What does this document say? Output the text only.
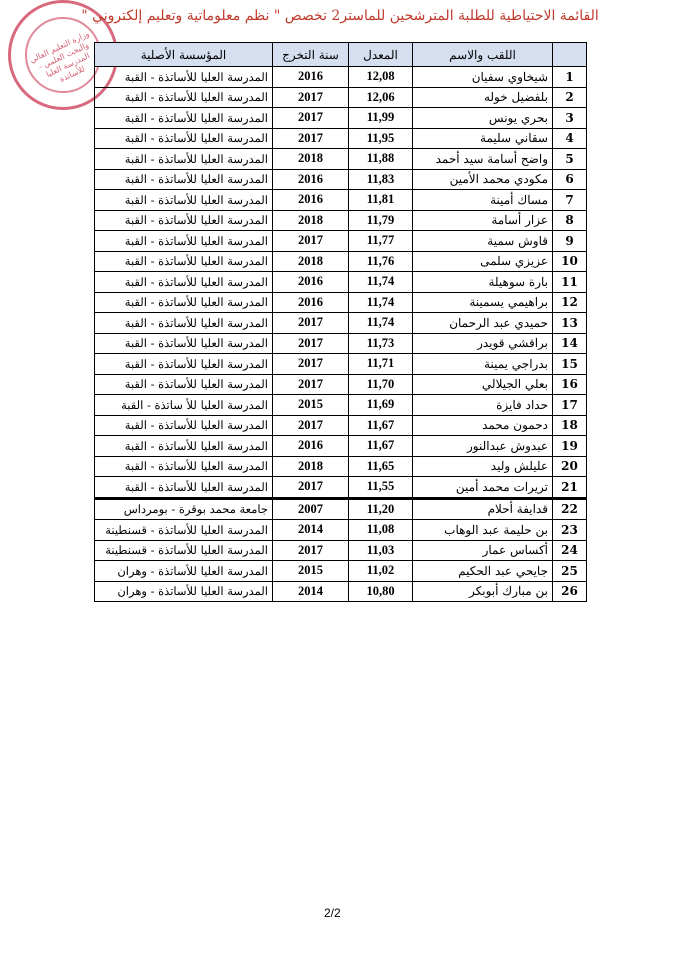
وزارة التعليم العالي والبحث العلمي - المدرسة العليا للأساتذة
القائمة الاحتياطية للطلبة المترشحين للماستر2 تخصص " نظم معلوماتية وتعليم إلكتروني "
	اللقب والاسم	المعدل	سنة التخرج	المؤسسة الأصلية
1	شيخاوي سفيان	12,08	2016	المدرسة العليا للأساتذة - القبة
2	بلفضيل خوله	12,06	2017	المدرسة العليا للأساتذة - القبة
3	بحري يونس	11,99	2017	المدرسة العليا للأساتذة - القبة
4	سقاني سليمة	11,95	2017	المدرسة العليا للأساتذة - القبة
5	واضح أسامة سيد أحمد	11,88	2018	المدرسة العليا للأساتذة - القبة
6	مكودي محمد الأمين	11,83	2016	المدرسة العليا للأساتذة - القبة
7	مساك أمينة	11,81	2016	المدرسة العليا للأساتذة - القبة
8	عزار أسامة	11,79	2018	المدرسة العليا للأساتذة - القبة
9	قاوش سمية	11,77	2017	المدرسة العليا للأساتذة - القبة
10	عزيزي سلمى	11,76	2018	المدرسة العليا للأساتذة - القبة
11	بارة سوهيلة	11,74	2016	المدرسة العليا للأساتذة - القبة
12	براهيمي يسمينة	11,74	2016	المدرسة العليا للأساتذة - القبة
13	حميدي عبد الرحمان	11,74	2017	المدرسة العليا للأساتذة - القبة
14	براقشي قويدر	11,73	2017	المدرسة العليا للأساتذة - القبة
15	بدراجي يمينة	11,71	2017	المدرسة العليا للأساتذة - القبة
16	بعلي الجيلالي	11,70	2017	المدرسة العليا للأساتذة - القبة
17	حداد فايزة	11,69	2015	المدرسة العليا للأ ساتذة - القبة
18	دحمون محمد	11,67	2017	المدرسة العليا للأساتذة - القبة
19	عبدوش عبدالنور	11,67	2016	المدرسة العليا للأساتذة - القبة
20	عليلش وليد	11,65	2018	المدرسة العليا للأساتذة - القبة
21	تريرات محمد أمين	11,55	2017	المدرسة العليا للأساتذة - القبة
22	قدايفة أحلام	11,20	2007	جامعة محمد بوقرة - بومرداس
23	بن حليمة عبد الوهاب	11,08	2014	المدرسة العليا للأساتذة - قسنطينة
24	أكساس عمار	11,03	2017	المدرسة العليا للأساتذة - قسنطينة
25	جايحي عبد الحكيم	11,02	2015	المدرسة العليا للأساتذة - وهران
26	بن مبارك أبوبكر	10,80	2014	المدرسة العليا للأساتذة - وهران
2/2
